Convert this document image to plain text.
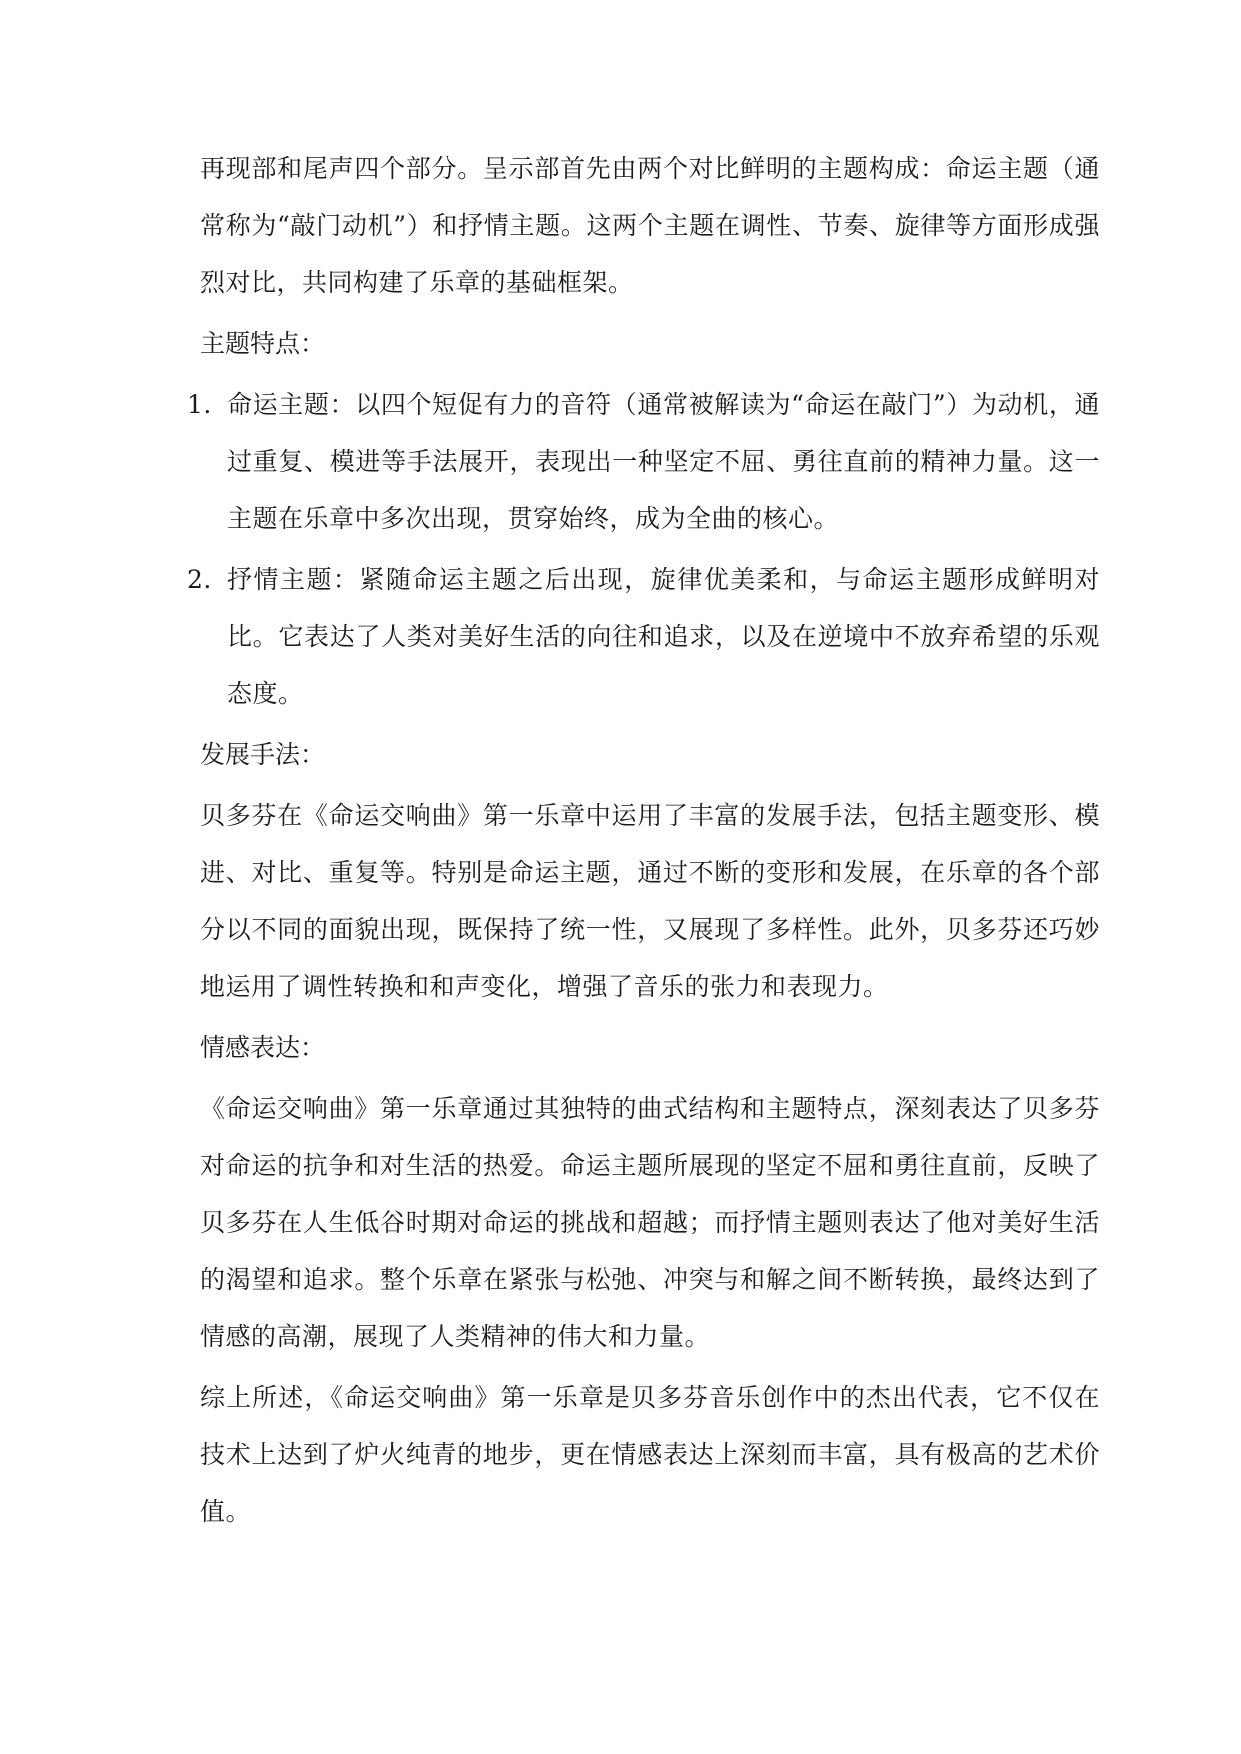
再现部和尾声四个部分。呈示部首先由两个对比鲜明的主题构成：命运主题（通常称为“敲门动机”）和抒情主题。这两个主题在调性、节奏、旋律等方面形成强烈对比，共同构建了乐章的基础框架。

主题特点：

1. 命运主题：以四个短促有力的音符（通常被解读为“命运在敲门”）为动机，通过重复、模进等手法展开，表现出一种坚定不屈、勇往直前的精神力量。这一主题在乐章中多次出现，贯穿始终，成为全曲的核心。
2. 抒情主题：紧随命运主题之后出现，旋律优美柔和，与命运主题形成鲜明对比。它表达了人类对美好生活的向往和追求，以及在逆境中不放弃希望的乐观态度。

发展手法：

贝多芬在《命运交响曲》第一乐章中运用了丰富的发展手法，包括主题变形、模进、对比、重复等。特别是命运主题，通过不断的变形和发展，在乐章的各个部分以不同的面貌出现，既保持了统一性，又展现了多样性。此外，贝多芬还巧妙地运用了调性转换和和声变化，增强了音乐的张力和表现力。

情感表达：

《命运交响曲》第一乐章通过其独特的曲式结构和主题特点，深刻表达了贝多芬对命运的抗争和对生活的热爱。命运主题所展现的坚定不屈和勇往直前，反映了贝多芬在人生低谷时期对命运的挑战和超越；而抒情主题则表达了他对美好生活的渴望和追求。整个乐章在紧张与松弛、冲突与和解之间不断转换，最终达到了情感的高潮，展现了人类精神的伟大和力量。

综上所述，《命运交响曲》第一乐章是贝多芬音乐创作中的杰出代表，它不仅在技术上达到了炉火纯青的地步，更在情感表达上深刻而丰富，具有极高的艺术价值。
